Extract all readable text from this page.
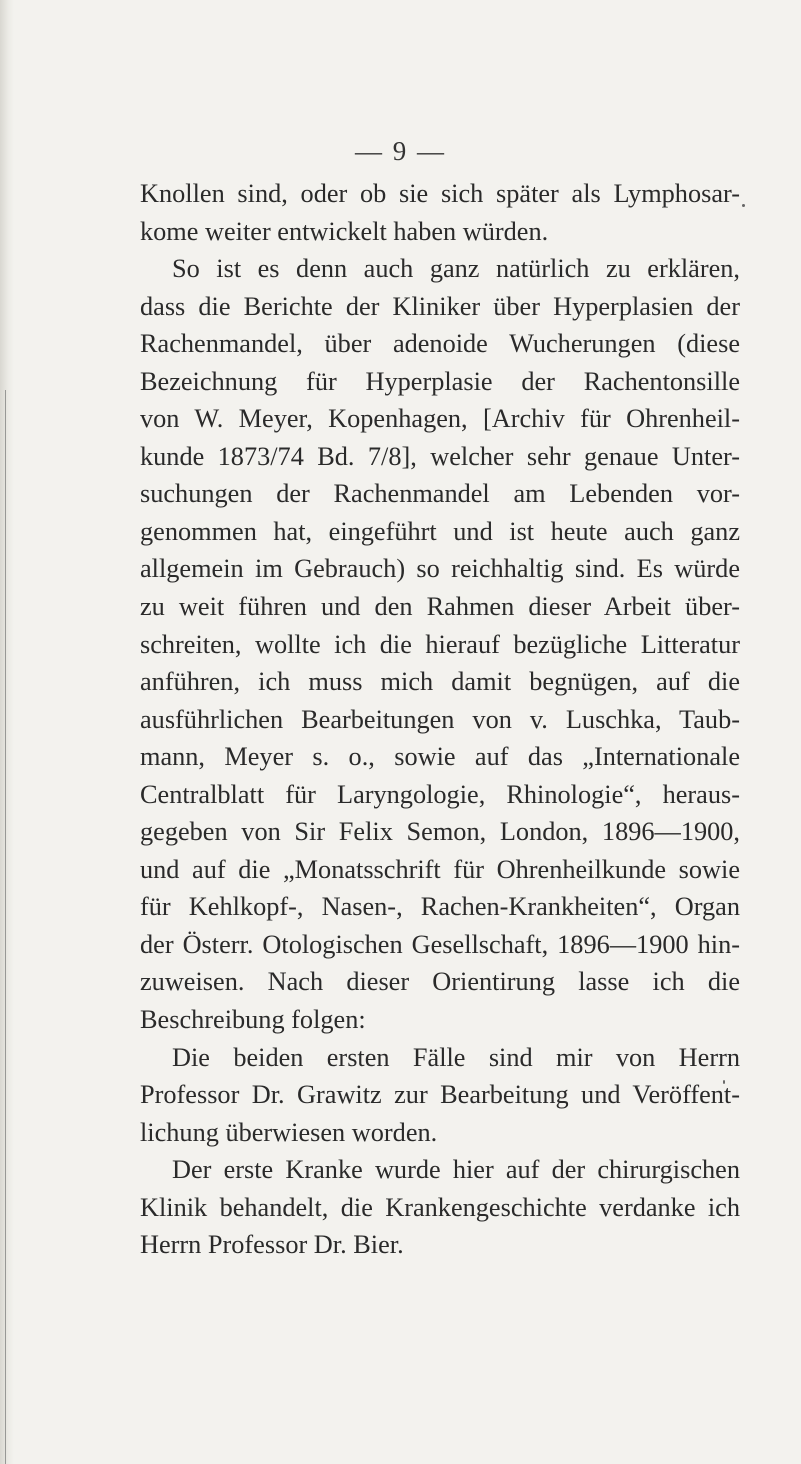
— 9 —
Knollen sind, oder ob sie sich später als Lymphosar-
kome weiter entwickelt haben würden.
So ist es denn auch ganz natürlich zu erklären,
dass die Berichte der Kliniker über Hyperplasien der
Rachenmandel, über adenoide Wucherungen (diese
Bezeichnung für Hyperplasie der Rachentonsille
von W. Meyer, Kopenhagen, [Archiv für Ohrenheil-
kunde 1873/74 Bd. 7/8], welcher sehr genaue Unter-
suchungen der Rachenmandel am Lebenden vor-
genommen hat, eingeführt und ist heute auch ganz
allgemein im Gebrauch) so reichhaltig sind. Es würde
zu weit führen und den Rahmen dieser Arbeit über-
schreiten, wollte ich die hierauf bezügliche Litteratur
anführen, ich muss mich damit begnügen, auf die
ausführlichen Bearbeitungen von v. Luschka, Taub-
mann, Meyer s. o., sowie auf das „Internationale
Centralblatt für Laryngologie, Rhinologie“, heraus-
gegeben von Sir Felix Semon, London, 1896—1900,
und auf die „Monatsschrift für Ohrenheilkunde sowie
für Kehlkopf-, Nasen-, Rachen-Krankheiten“, Organ
der Österr. Otologischen Gesellschaft, 1896—1900 hin-
zuweisen. Nach dieser Orientirung lasse ich die
Beschreibung folgen:
Die beiden ersten Fälle sind mir von Herrn
Professor Dr. Grawitz zur Bearbeitung und Veröffent-
lichung überwiesen worden.
Der erste Kranke wurde hier auf der chirurgischen
Klinik behandelt, die Krankengeschichte verdanke ich
Herrn Professor Dr. Bier.
